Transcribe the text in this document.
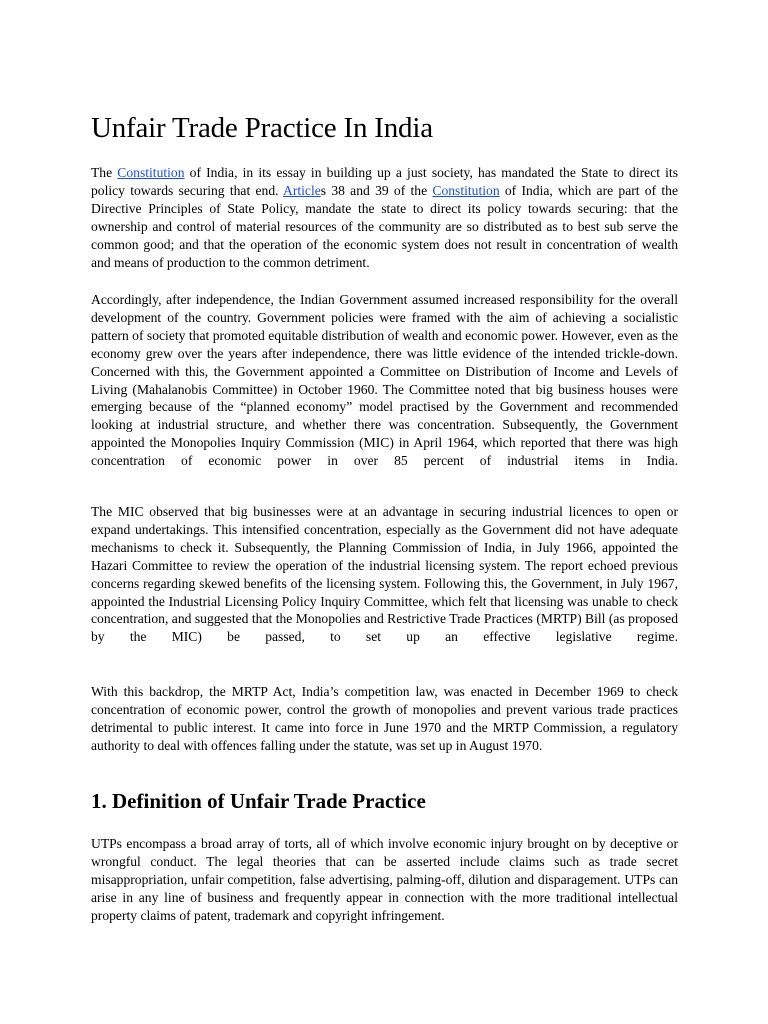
Unfair Trade Practice In India

The Constitution of India, in its essay in building up a just society, has mandated the State to direct its policy towards securing that end. Articles 38 and 39 of the Constitution of India, which are part of the Directive Principles of State Policy, mandate the state to direct its policy towards securing: that the ownership and control of material resources of the community are so distributed as to best sub serve the common good; and that the operation of the economic system does not result in concentration of wealth and means of production to the common detriment.

Accordingly, after independence, the Indian Government assumed increased responsibility for the overall development of the country. Government policies were framed with the aim of achieving a socialistic pattern of society that promoted equitable distribution of wealth and economic power. However, even as the economy grew over the years after independence, there was little evidence of the intended trickle-down. Concerned with this, the Government appointed a Committee on Distribution of Income and Levels of Living (Mahalanobis Committee) in October 1960. The Committee noted that big business houses were emerging because of the “planned economy” model practised by the Government and recommended looking at industrial structure, and whether there was concentration. Subsequently, the Government appointed the Monopolies Inquiry Commission (MIC) in April 1964, which reported that there was high concentration of economic power in over 85 percent of industrial items in India.

The MIC observed that big businesses were at an advantage in securing industrial licences to open or expand undertakings. This intensified concentration, especially as the Government did not have adequate mechanisms to check it. Subsequently, the Planning Commission of India, in July 1966, appointed the Hazari Committee to review the operation of the industrial licensing system. The report echoed previous concerns regarding skewed benefits of the licensing system. Following this, the Government, in July 1967, appointed the Industrial Licensing Policy Inquiry Committee, which felt that licensing was unable to check concentration, and suggested that the Monopolies and Restrictive Trade Practices (MRTP) Bill (as proposed by the MIC) be passed, to set up an effective legislative regime.

With this backdrop, the MRTP Act, India’s competition law, was enacted in December 1969 to check concentration of economic power, control the growth of monopolies and prevent various trade practices detrimental to public interest. It came into force in June 1970 and the MRTP Commission, a regulatory authority to deal with offences falling under the statute, was set up in August 1970.

1. Definition of Unfair Trade Practice

UTPs encompass a broad array of torts, all of which involve economic injury brought on by deceptive or wrongful conduct. The legal theories that can be asserted include claims such as trade secret misappropriation, unfair competition, false advertising, palming-off, dilution and disparagement. UTPs can arise in any line of business and frequently appear in connection with the more traditional intellectual property claims of patent, trademark and copyright infringement.
